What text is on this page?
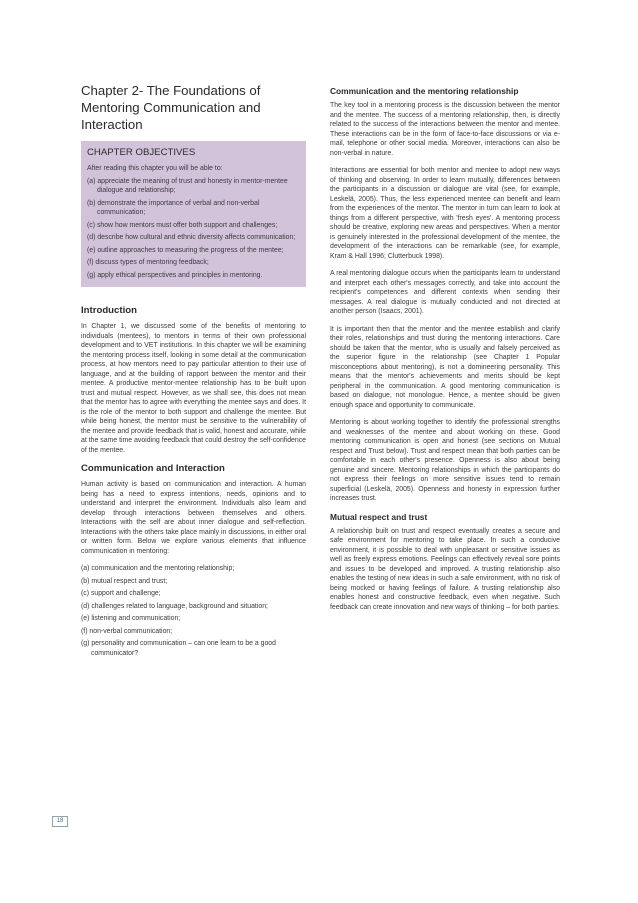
Chapter 2- The Foundations of Mentoring Communication and Interaction
CHAPTER OBJECTIVES
After reading this chapter you will be able to:
(a) appreciate the meaning of trust and honesty in mentor-mentee dialogue and relationship;
(b) demonstrate the importance of verbal and non-verbal communication;
(c) show how mentors must offer both support and challenges;
(d) describe how cultural and ethnic diversity affects communication;
(e) outline approaches to measuring the progress of the mentee;
(f) discuss types of mentoring feedback;
(g) apply ethical perspectives and principles in mentoring.
Introduction

In Chapter 1, we discussed some of the benefits of mentoring to individuals (mentees), to mentors in terms of their own professional development and to VET institutions. In this chapter we will be examining the mentoring process itself, looking in some detail at the communication process, at how mentors need to pay particular attention to their use of language, and at the building of rapport between the mentor and their mentee. A productive mentor-mentee relationship has to be built upon trust and mutual respect. However, as we shall see, this does not mean that the mentor has to agree with everything the mentee says and does. It is the role of the mentor to both support and challenge the mentee. But while being honest, the mentor must be sensitive to the vulnerability of the mentee and provide feedback that is valid, honest and accurate, while at the same time avoiding feedback that could destroy the self-confidence of the mentee.

Communication and Interaction

Human activity is based on communication and interaction. A human being has a need to express intentions, needs, opinions and to understand and interpret the environment. Individuals also learn and develop through interactions between themselves and others. Interactions with the self are about inner dialogue and self-reflection. Interactions with the others take place mainly in discussions, in either oral or written form. Below we explore various elements that influence communication in mentoring:

(a) communication and the mentoring relationship;
(b) mutual respect and trust;
(c) support and challenge;
(d) challenges related to language, background and situation;
(e) listening and communication;
(f) non-verbal communication;
(g) personality and communication – can one learn to be a good communicator?
Communication and the mentoring relationship

The key tool in a mentoring process is the discussion between the mentor and the mentee. The success of a mentoring relationship, then, is directly related to the success of the interactions between the mentor and mentee. These interactions can be in the form of face-to-face discussions or via e-mail, telephone or other social media. Moreover, interactions can also be non-verbal in nature.

Interactions are essential for both mentor and mentee to adopt new ways of thinking and observing. In order to learn mutually, differences between the participants in a discussion or dialogue are vital (see, for example, Leskelä, 2005). Thus, the less experienced mentee can benefit and learn from the experiences of the mentor. The mentor in turn can learn to look at things from a different perspective, with 'fresh eyes'. A mentoring process should be creative, exploring new areas and perspectives. When a mentor is genuinely interested in the professional development of the mentee, the development of the interactions can be remarkable (see, for example, Kram & Hall 1996; Clutterbuck 1998).

A real mentoring dialogue occurs when the participants learn to understand and interpret each other's messages correctly, and take into account the recipient's competences and different contexts when sending their messages. A real dialogue is mutually conducted and not directed at another person (Isaacs, 2001).

It is important then that the mentor and the mentee establish and clarify their roles, relationships and trust during the mentoring interactions. Care should be taken that the mentor, who is usually and falsely perceived as the superior figure in the relationship (see Chapter 1 Popular misconceptions about mentoring), is not a domineering personality. This means that the mentor's achievements and merits should be kept peripheral in the communication. A good mentoring communication is based on dialogue, not monologue. Hence, a mentee should be given enough space and opportunity to communicate.

Mentoring is about working together to identify the professional strengths and weaknesses of the mentee and about working on these. Good mentoring communication is open and honest (see sections on Mutual respect and Trust below). Trust and respect mean that both parties can be comfortable in each other's presence. Openness is also about being genuine and sincere. Mentoring relationships in which the participants do not express their feelings on more sensitive issues tend to remain superficial (Leskelä, 2005). Openness and honesty in expression further increases trust.

Mutual respect and trust

A relationship built on trust and respect eventually creates a secure and safe environment for mentoring to take place. In such a conducive environment, it is possible to deal with unpleasant or sensitive issues as well as freely express emotions. Feelings can effectively reveal sore points and issues to be developed and improved. A trusting relationship also enables the testing of new ideas in such a safe environment, with no risk of being mocked or having feelings of failure. A trusting relationship also enables honest and constructive feedback, even when negative. Such feedback can create innovation and new ways of thinking – for both parties.

18
